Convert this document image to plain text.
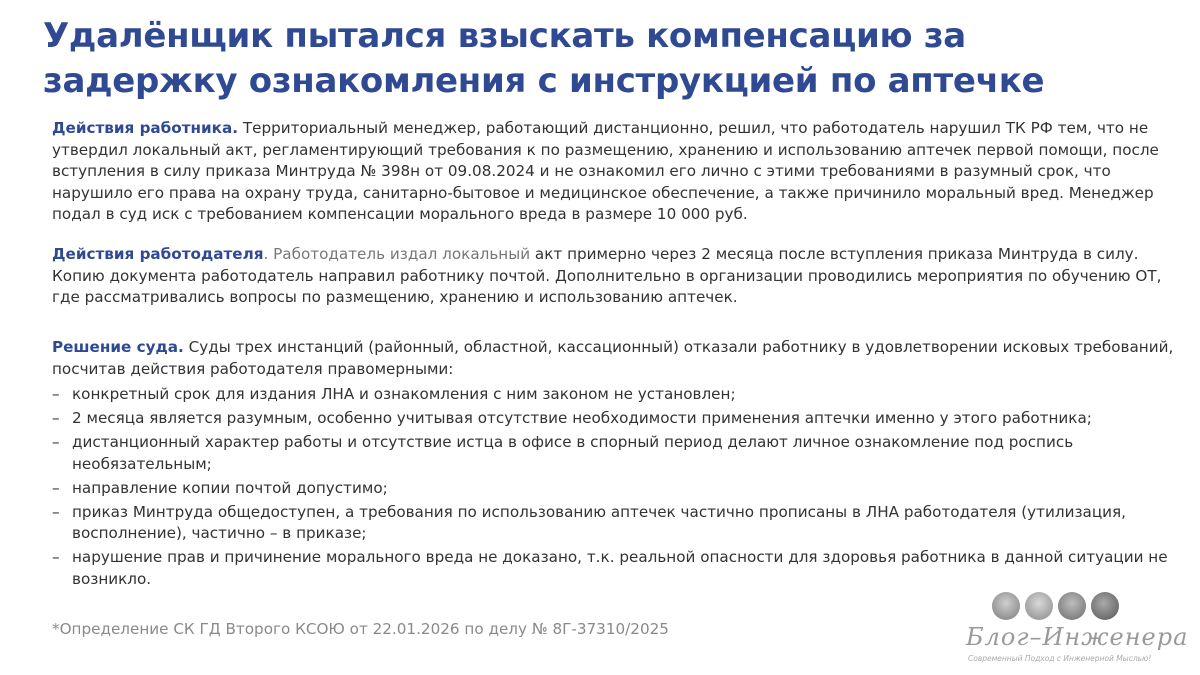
Удалёнщик пытался взыскать компенсацию за задержку ознакомления с инструкцией по аптечке
Действия работника. Территориальный менеджер, работающий дистанционно, решил, что работодатель нарушил ТК РФ тем, что не утвердил локальный акт, регламентирующий требования к по размещению, хранению и использованию аптечек первой помощи, после вступления в силу приказа Минтруда № 398н от 09.08.2024 и не ознакомил его лично с этими требованиями в разумный срок, что нарушило его права на охрану труда, санитарно-бытовое и медицинское обеспечение, а также причинило моральный вред. Менеджер подал в суд иск с требованием компенсации морального вреда в размере 10 000 руб.
Действия работодателя. Работодатель издал локальный акт примерно через 2 месяца после вступления приказа Минтруда в силу. Копию документа работодатель направил работнику почтой. Дополнительно в организации проводились мероприятия по обучению ОТ, где рассматривались вопросы по размещению, хранению и использованию аптечек.
Решение суда. Суды трех инстанций (районный, областной, кассационный) отказали работнику в удовлетворении исковых требований, посчитав действия работодателя правомерными:
– конкретный срок для издания ЛНА и ознакомления с ним законом не установлен;
– 2 месяца является разумным, особенно учитывая отсутствие необходимости применения аптечки именно у этого работника;
– дистанционный характер работы и отсутствие истца в офисе в спорный период делают личное ознакомление под роспись необязательным;
– направление копии почтой допустимо;
– приказ Минтруда общедоступен, а требования по использованию аптечек частично прописаны в ЛНА работодателя (утилизация, восполнение), частично – в приказе;
– нарушение прав и причинение морального вреда не доказано, т.к. реальной опасности для здоровья работника в данной ситуации не возникло.
*Определение СК ГД Второго КСОЮ от 22.01.2026 по делу № 8Г-37310/2025	Блог–Инженера
Современный Подход с Инженерной Мыслью!
